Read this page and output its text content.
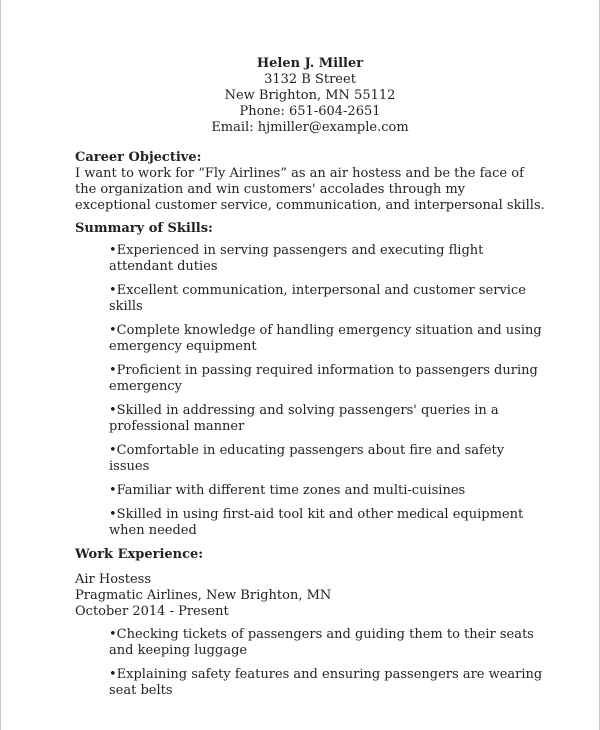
Helen J. Miller
3132 B Street
New Brighton, MN 55112
Phone: 651-604-2651
Email: hjmiller@example.com
Career Objective:
I want to work for “Fly Airlines” as an air hostess and be the face of the organization and win customers' accolades through my exceptional customer service, communication, and interpersonal skills.
Summary of Skills:
•Experienced in serving passengers and executing flight attendant duties
•Excellent communication, interpersonal and customer service skills
•Complete knowledge of handling emergency situation and using emergency equipment
•Proficient in passing required information to passengers during emergency
•Skilled in addressing and solving passengers' queries in a professional manner
•Comfortable in educating passengers about fire and safety issues
•Familiar with different time zones and multi-cuisines
•Skilled in using first-aid tool kit and other medical equipment when needed
Work Experience:
Air Hostess
Pragmatic Airlines, New Brighton, MN
October 2014 - Present
•Checking tickets of passengers and guiding them to their seats and keeping luggage
•Explaining safety features and ensuring passengers are wearing seat belts
